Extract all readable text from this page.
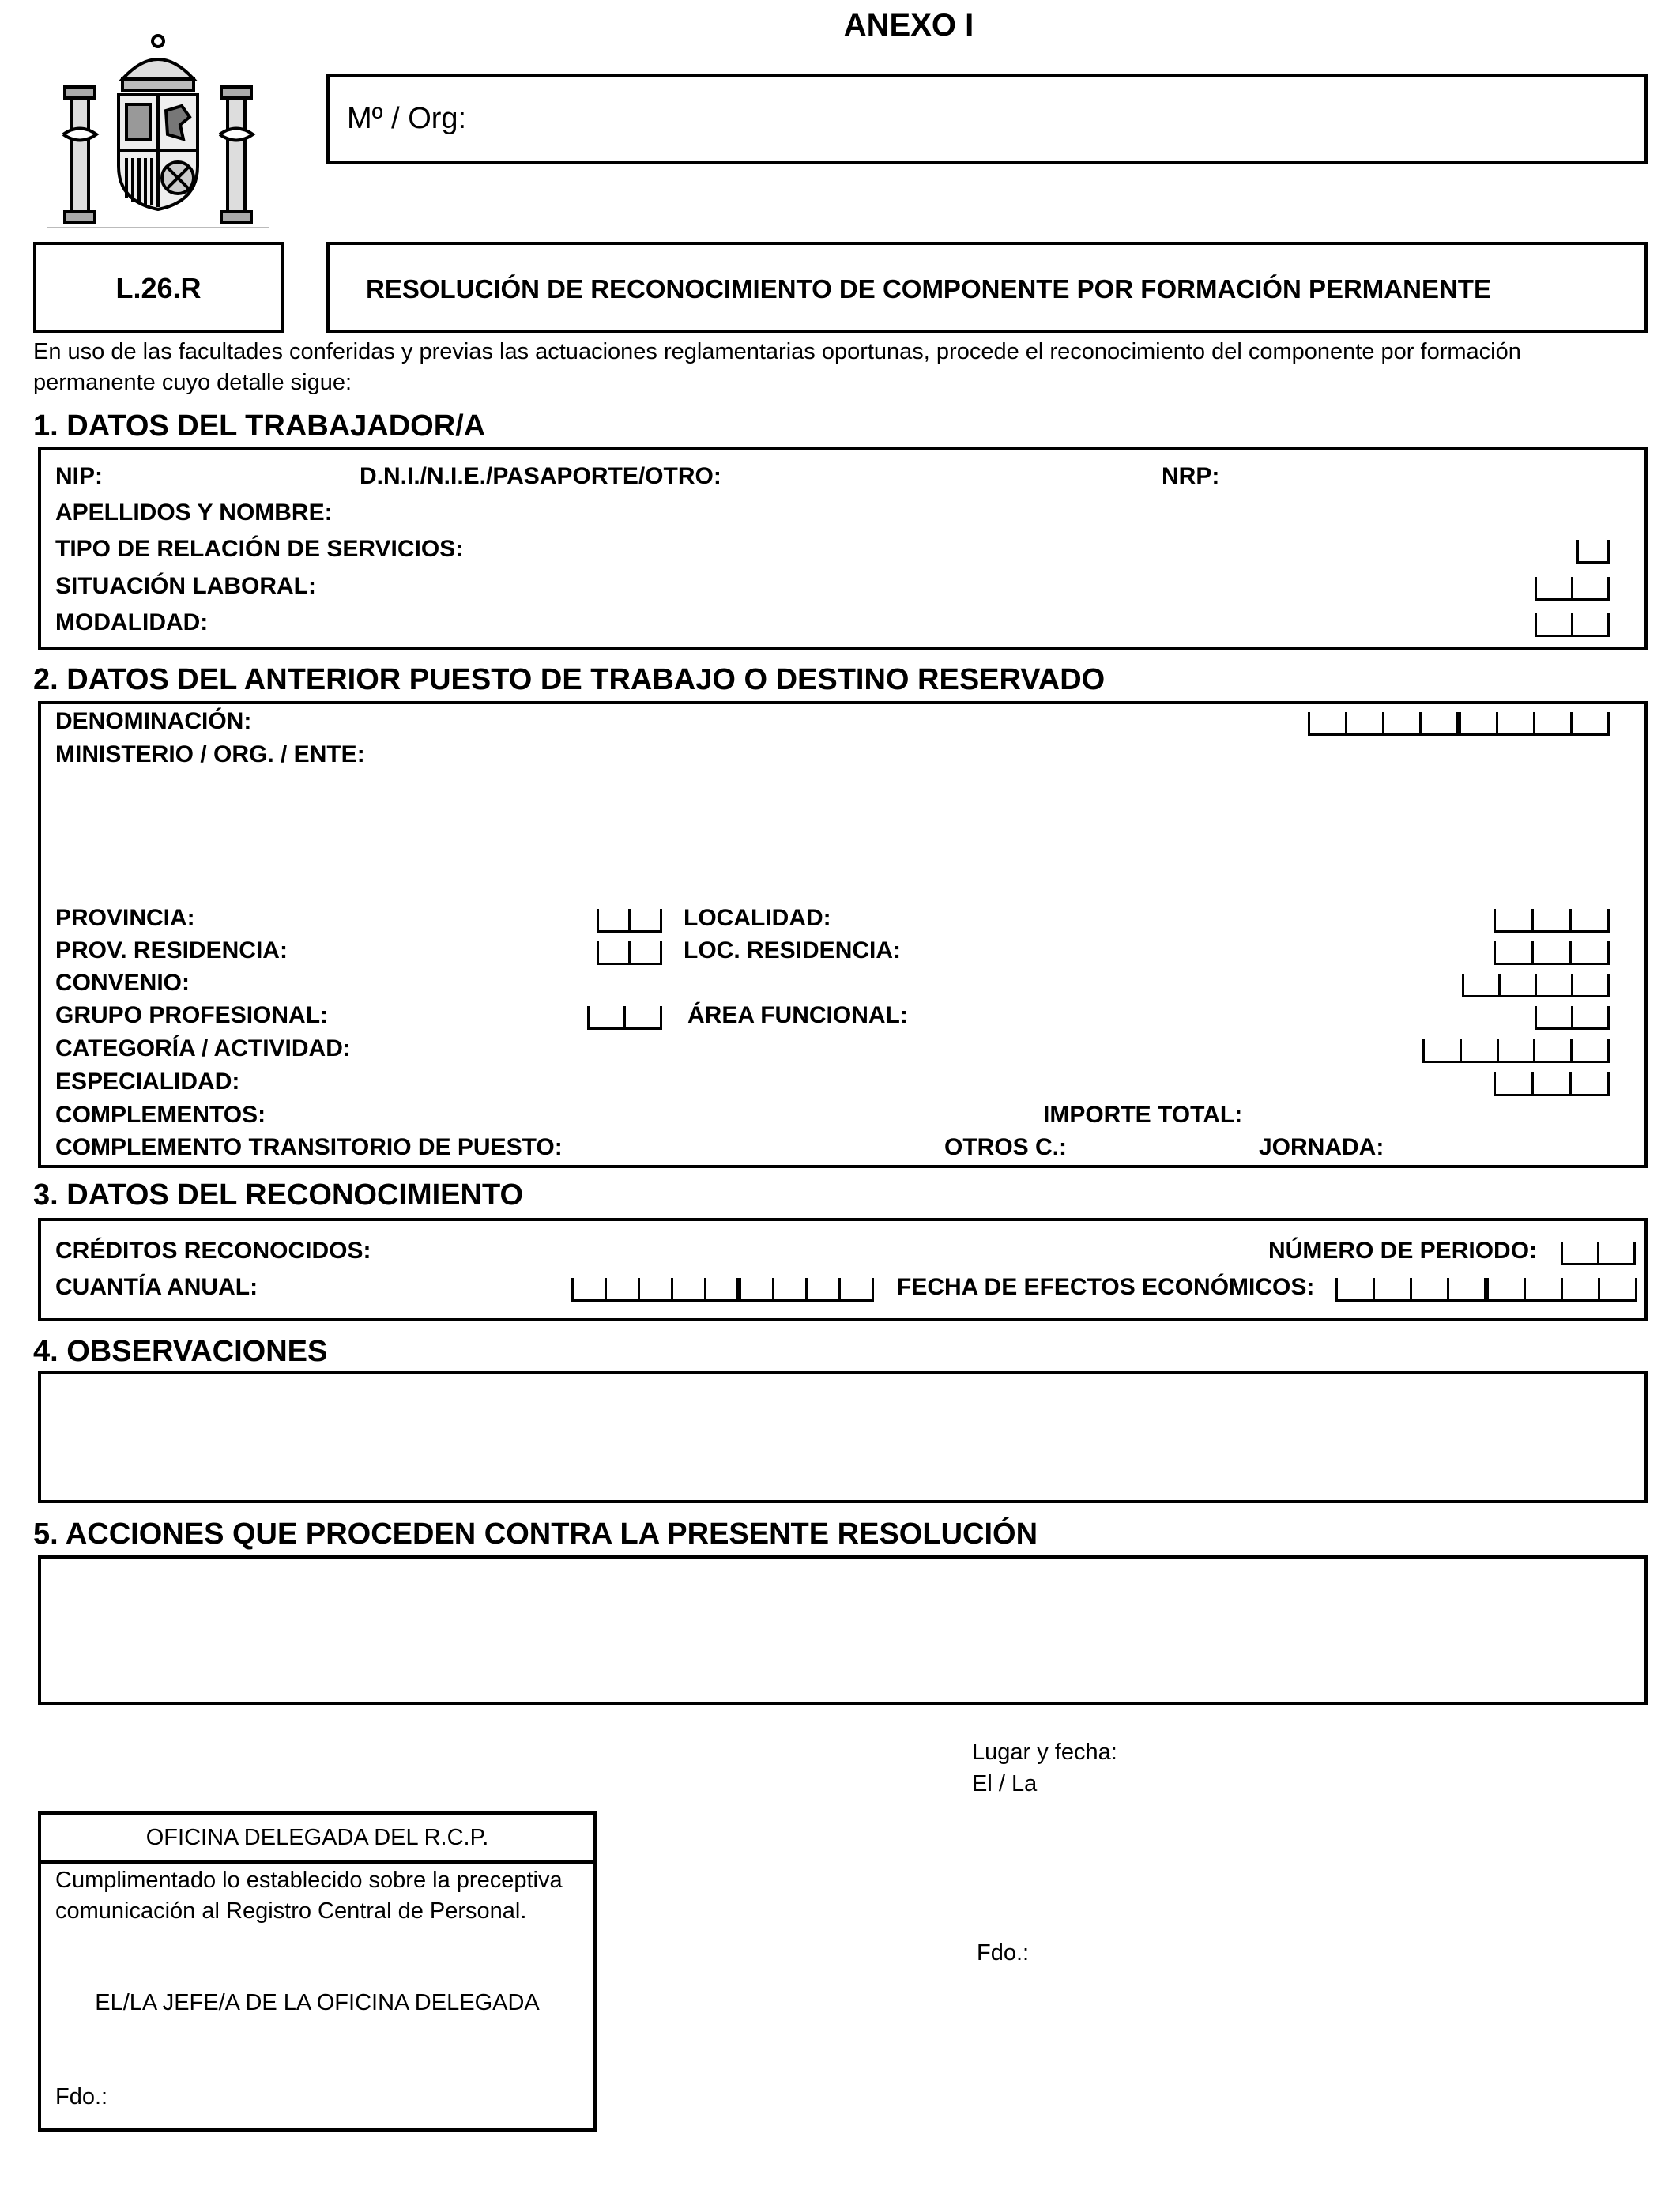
ANEXO I
Mº / Org:
L.26.R	RESOLUCIÓN DE RECONOCIMIENTO DE COMPONENTE POR FORMACIÓN PERMANENTE
En uso de las facultades conferidas y previas las actuaciones reglamentarias oportunas, procede el reconocimiento del componente por formación
permanente cuyo detalle sigue:
1. DATOS DEL TRABAJADOR/A
NIP:	D.N.I./N.I.E./PASAPORTE/OTRO:	NRP:
APELLIDOS Y NOMBRE:
TIPO DE RELACIÓN DE SERVICIOS:
SITUACIÓN LABORAL:
MODALIDAD:
2. DATOS DEL ANTERIOR PUESTO DE TRABAJO O DESTINO RESERVADO
DENOMINACIÓN:
MINISTERIO / ORG. / ENTE:
PROVINCIA:	LOCALIDAD:
PROV. RESIDENCIA:	LOC. RESIDENCIA:
CONVENIO:
GRUPO PROFESIONAL:	ÁREA FUNCIONAL:
CATEGORÍA / ACTIVIDAD:
ESPECIALIDAD:
COMPLEMENTOS:	IMPORTE TOTAL:
COMPLEMENTO TRANSITORIO DE PUESTO:	OTROS C.:	JORNADA:
3. DATOS DEL RECONOCIMIENTO
CRÉDITOS RECONOCIDOS:	NÚMERO DE PERIODO:
CUANTÍA ANUAL:	FECHA DE EFECTOS ECONÓMICOS:
4. OBSERVACIONES
5. ACCIONES QUE PROCEDEN CONTRA LA PRESENTE RESOLUCIÓN
Lugar y fecha:
El / La
Fdo.:
OFICINA DELEGADA DEL R.C.P.
Cumplimentado lo establecido sobre la preceptiva
comunicación al Registro Central de Personal.
EL/LA JEFE/A DE LA OFICINA DELEGADA
Fdo.:
